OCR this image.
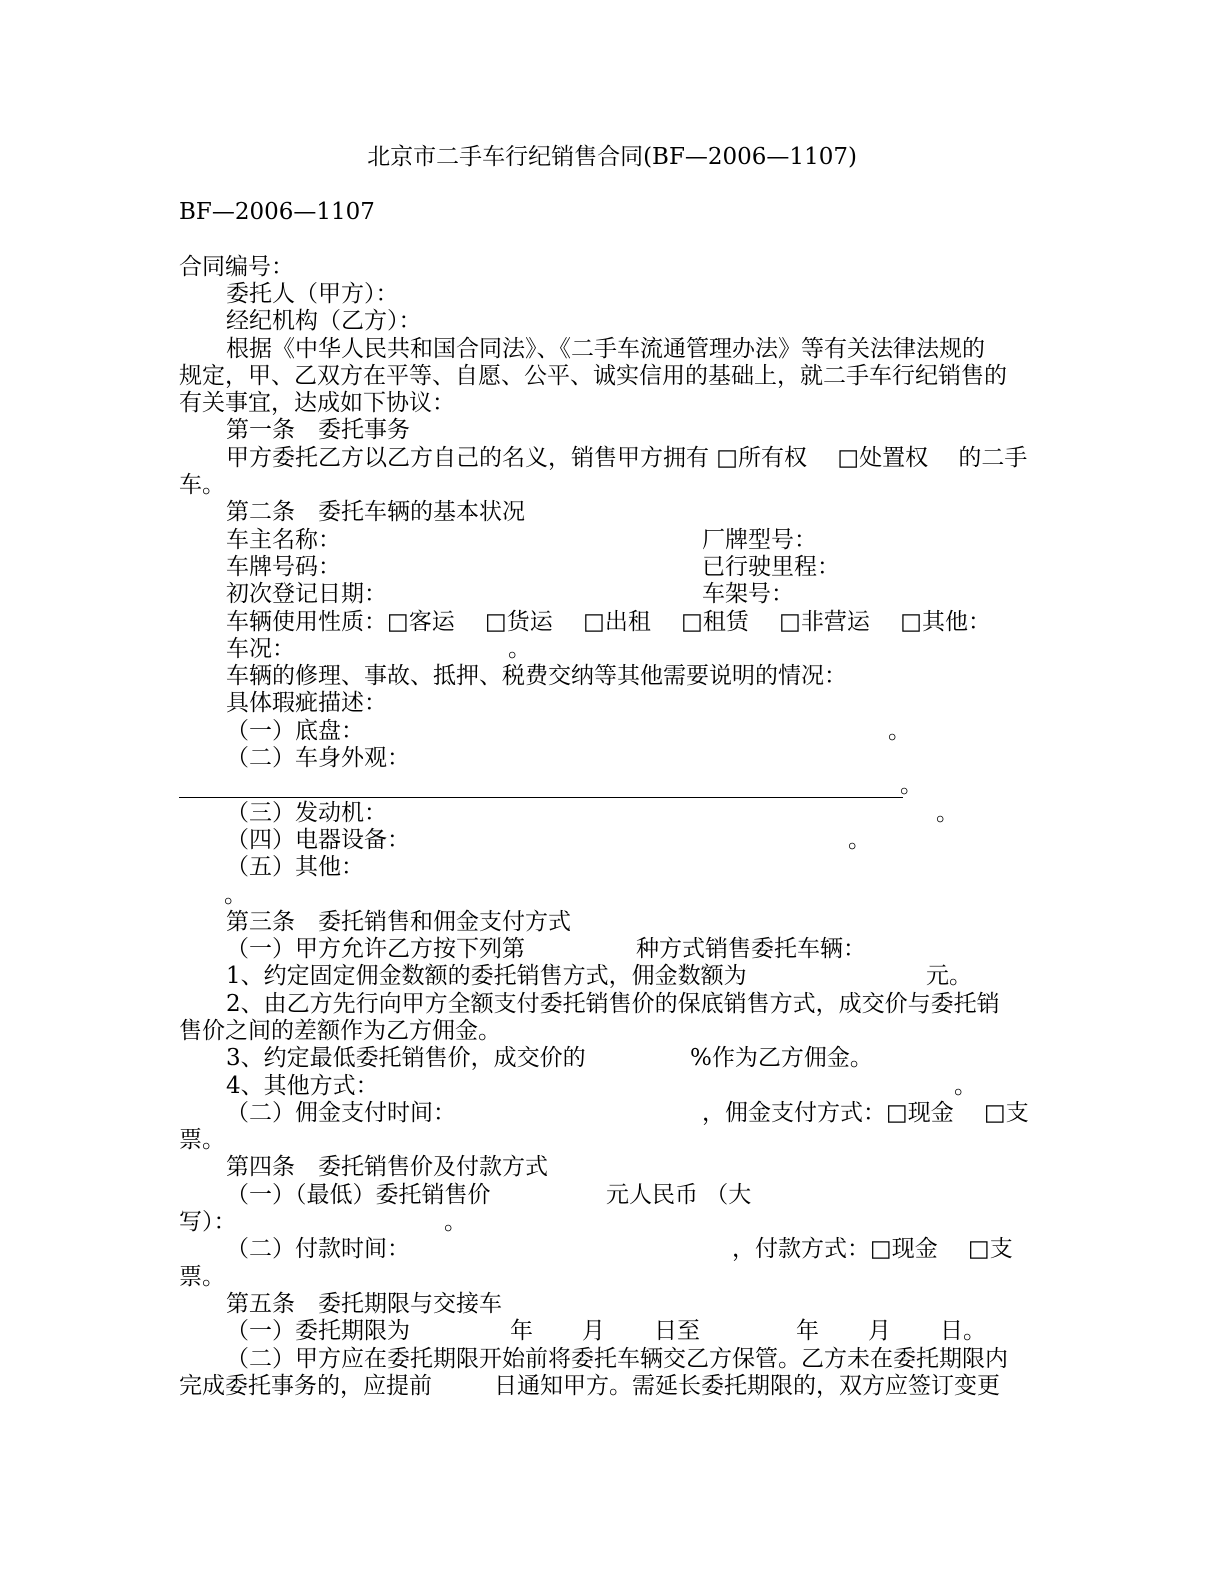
北京市二手车行纪销售合同(BF—2006—1107)
BF—2006—1107
合同编号：
委托人（甲方）：
经纪机构（乙方）：
根据《中华人民共和国合同法》、《二手车流通管理办法》等有关法律法规的
规定，甲、乙双方在平等、自愿、公平、诚实信用的基础上，就二手车行纪销售的
有关事宜，达成如下协议：
第一条　委托事务
甲方委托乙方以乙方自己的名义，销售甲方拥有 □所有权　 □处置权　 的二手
车。
第二条　委托车辆的基本状况
车主名称：	厂牌型号：
车牌号码：	已行驶里程：
初次登记日期：	车架号：
车辆使用性质：□客运　 □货运　 □出租　 □租赁　 □非营运　 □其他：
车况：	。
车辆的修理、事故、抵押、税费交纳等其他需要说明的情况：
具体瑕疵描述：
（一）底盘：	。
（二）车身外观：
。
（三）发动机：	。
（四）电器设备：	。
（五）其他：
。
第三条　委托销售和佣金支付方式
（一）甲方允许乙方按下列第	种方式销售委托车辆：
1、约定固定佣金数额的委托销售方式，佣金数额为	元。
2、由乙方先行向甲方全额支付委托销售价的保底销售方式，成交价与委托销
售价之间的差额作为乙方佣金。
3、约定最低委托销售价，成交价的	%作为乙方佣金。
4、其他方式：	。
（二）佣金支付时间：	，佣金支付方式：□现金　 □支
票。
第四条　委托销售价及付款方式
（一）（最低）委托销售价	元人民币 （大
写）：	。
（二）付款时间：	，付款方式：□现金　 □支
票。
第五条　委托期限与交接车
（一）委托期限为	年 月 日至	年 月 日。
（二）甲方应在委托期限开始前将委托车辆交乙方保管。乙方未在委托期限内
完成委托事务的，应提前	日通知甲方。需延长委托期限的，双方应签订变更
